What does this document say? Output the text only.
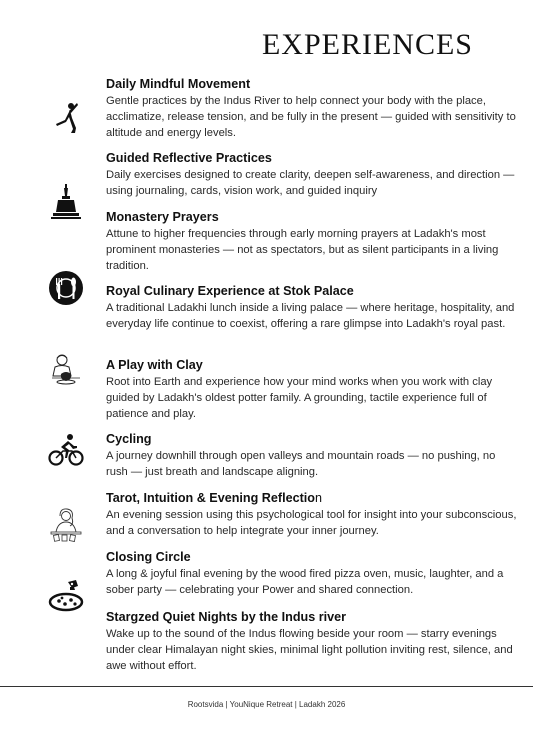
EXPERIENCES

Daily Mindful Movement

Gentle practices by the Indus River to help connect your body with the place, acclimatize, release tension, and be fully in the present — guided with sensitivity to altitude and energy levels.

Guided Reflective Practices

Daily exercises designed to create clarity, deepen self-awareness, and direction — using journaling, cards, vision work, and guided inquiry

Monastery Prayers

Attune to higher frequencies through early morning prayers at Ladakh's most prominent monasteries — not as spectators, but as silent participants in a living tradition.

Royal Culinary Experience at Stok Palace

A traditional Ladakhi lunch inside a living palace — where heritage, hospitality, and everyday life continue to coexist, offering a rare glimpse into Ladakh's royal past.

A Play with Clay

Root into Earth and experience how your mind works when you work with clay guided by Ladakh's oldest potter family. A grounding, tactile experience full of patience and play.

Cycling

A journey downhill through open valleys and mountain roads — no pushing, no rush — just breath and landscape aligning.

Tarot, Intuition & Evening Reflection

An evening session using this psychological tool for insight into your subconscious, and a conversation to help integrate your inner journey.

Closing Circle

A long & joyful final evening by the wood fired pizza oven, music, laughter, and a sober party — celebrating your Power and shared connection.

Stargzed Quiet Nights by the Indus river

Wake up to the sound of the Indus flowing beside your room — starry evenings under clear Himalayan night skies, minimal light pollution inviting rest, silence, and awe without effort.

Rootsvida | YouNique Retreat | Ladakh 2026
